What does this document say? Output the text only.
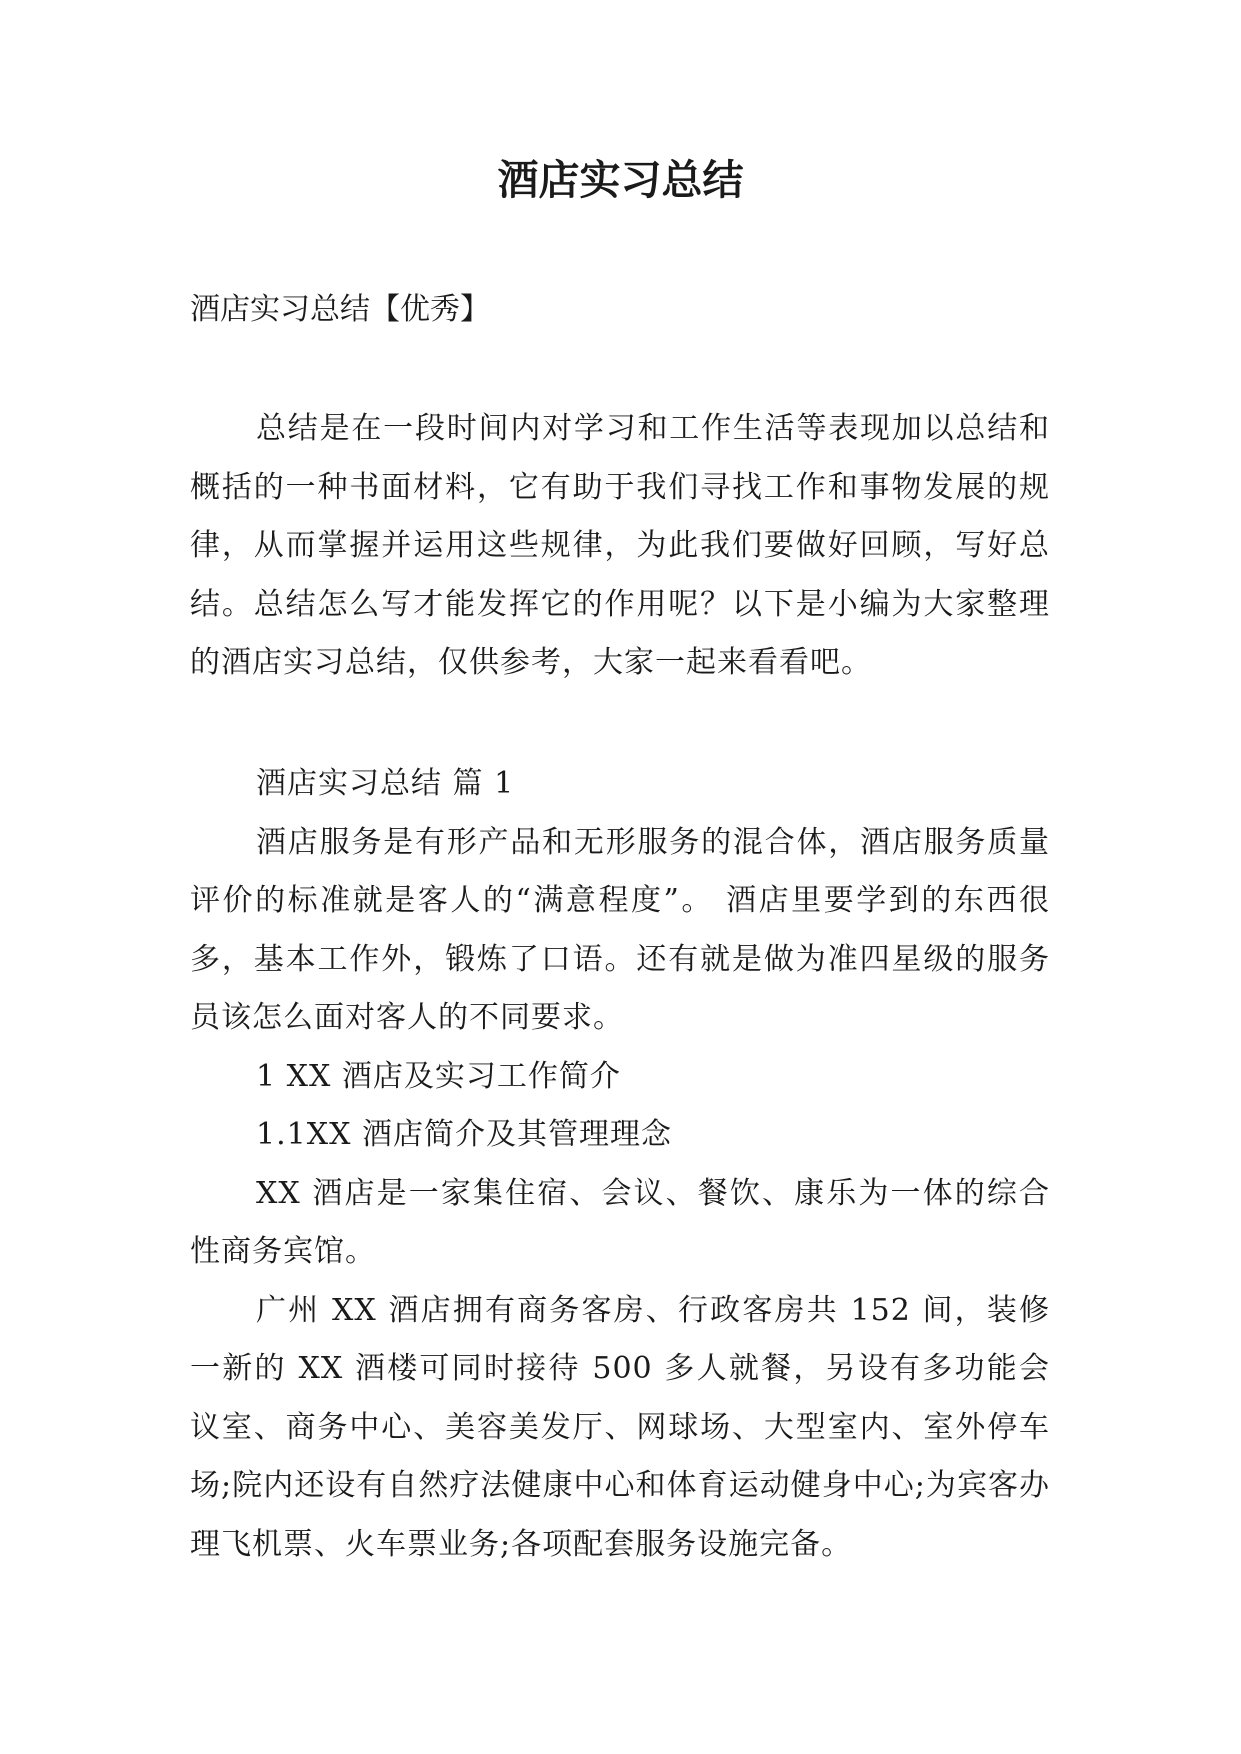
酒店实习总结
酒店实习总结【优秀】

总结是在一段时间内对学习和工作生活等表现加以总结和概括的一种书面材料，它有助于我们寻找工作和事物发展的规律，从而掌握并运用这些规律，为此我们要做好回顾，写好总结。总结怎么写才能发挥它的作用呢？以下是小编为大家整理的酒店实习总结，仅供参考，大家一起来看看吧。

酒店实习总结 篇 1

酒店服务是有形产品和无形服务的混合体，酒店服务质量评价的标准就是客人的“满意程度”。 酒店里要学到的东西很多，基本工作外，锻炼了口语。还有就是做为准四星级的服务员该怎么面对客人的不同要求。

1 XX 酒店及实习工作简介

1.1XX 酒店简介及其管理理念

XX 酒店是一家集住宿、会议、餐饮、康乐为一体的综合性商务宾馆。

广州 XX 酒店拥有商务客房、行政客房共 152 间，装修一新的 XX 酒楼可同时接待 500 多人就餐，另设有多功能会议室、商务中心、美容美发厅、网球场、大型室内、室外停车场;院内还设有自然疗法健康中心和体育运动健身中心;为宾客办理飞机票、火车票业务;各项配套服务设施完备。
